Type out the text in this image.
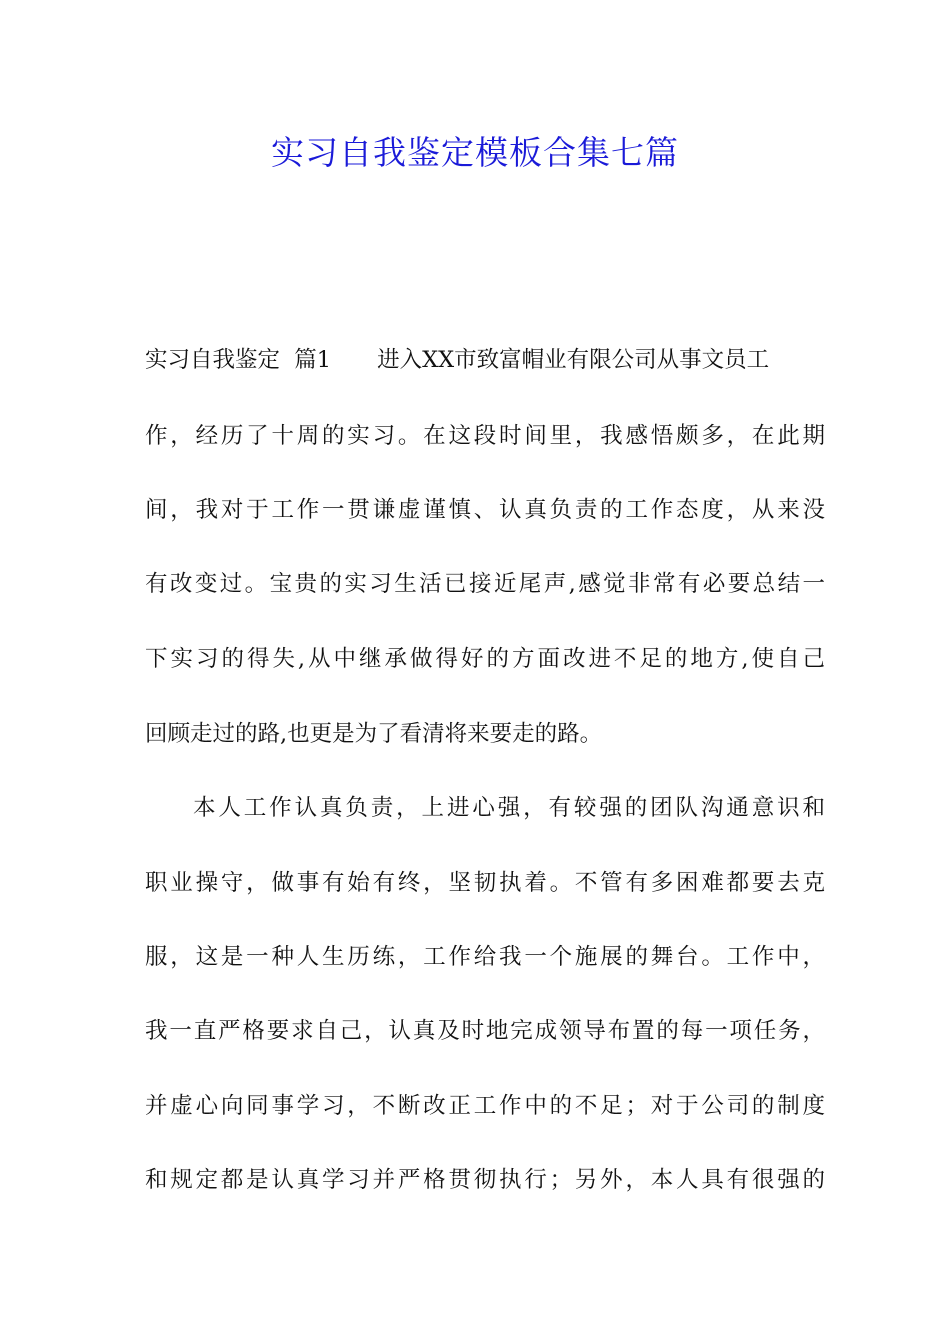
实习自我鉴定模板合集七篇
实习自我鉴定  篇1 进入XX市致富帽业有限公司从事文员工
作，经历了十周的实习。在这段时间里，我感悟颇多，在此期
间，我对于工作一贯谦虚谨慎、认真负责的工作态度，从来没
有改变过。宝贵的实习生活已接近尾声,感觉非常有必要总结一
下实习的得失,从中继承做得好的方面改进不足的地方,使自己
回顾走过的路,也更是为了看清将来要走的路。
本人工作认真负责，上进心强，有较强的团队沟通意识和
职业操守，做事有始有终，坚韧执着。不管有多困难都要去克
服，这是一种人生历练，工作给我一个施展的舞台。工作中，
我一直严格要求自己，认真及时地完成领导布置的每一项任务，
并虚心向同事学习，不断改正工作中的不足；对于公司的制度
和规定都是认真学习并严格贯彻执行；另外，本人具有很强的
